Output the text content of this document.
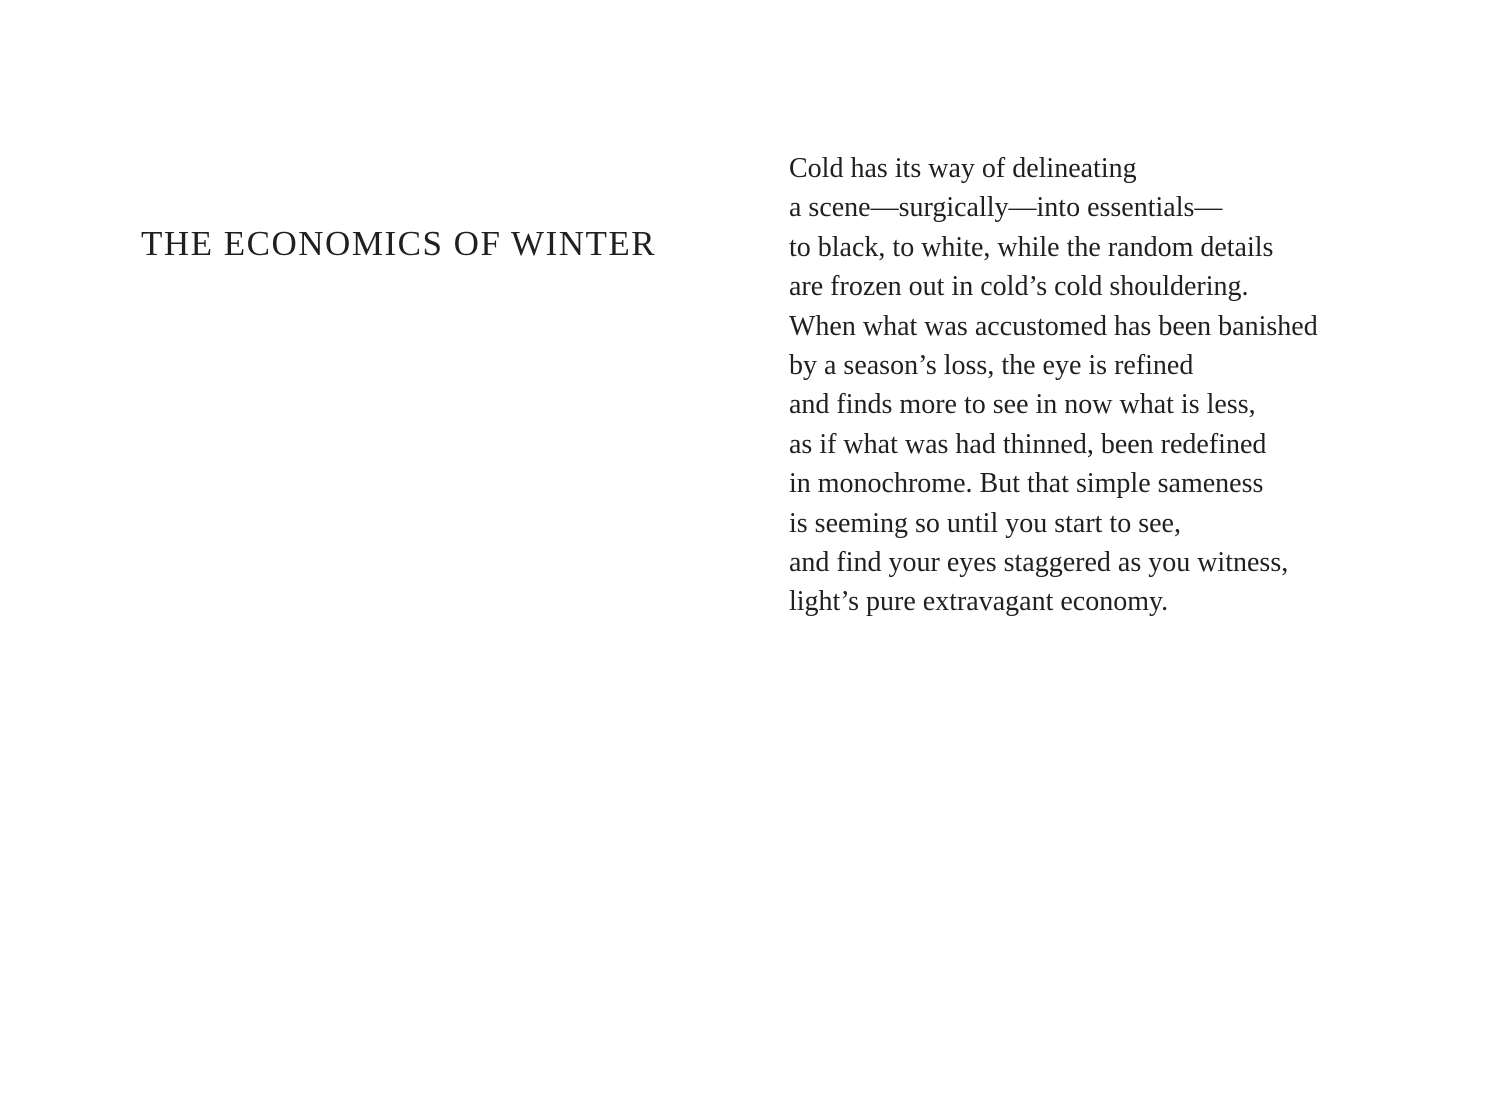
THE ECONOMICS OF WINTER
Cold has its way of delineating
a scene—surgically—into essentials—
to black, to white, while the random details
are frozen out in cold’s cold shouldering.
When what was accustomed has been banished
by a season’s loss, the eye is refined
and finds more to see in now what is less,
as if what was had thinned, been redefined
in monochrome. But that simple sameness
is seeming so until you start to see,
and find your eyes staggered as you witness,
light’s pure extravagant economy.
